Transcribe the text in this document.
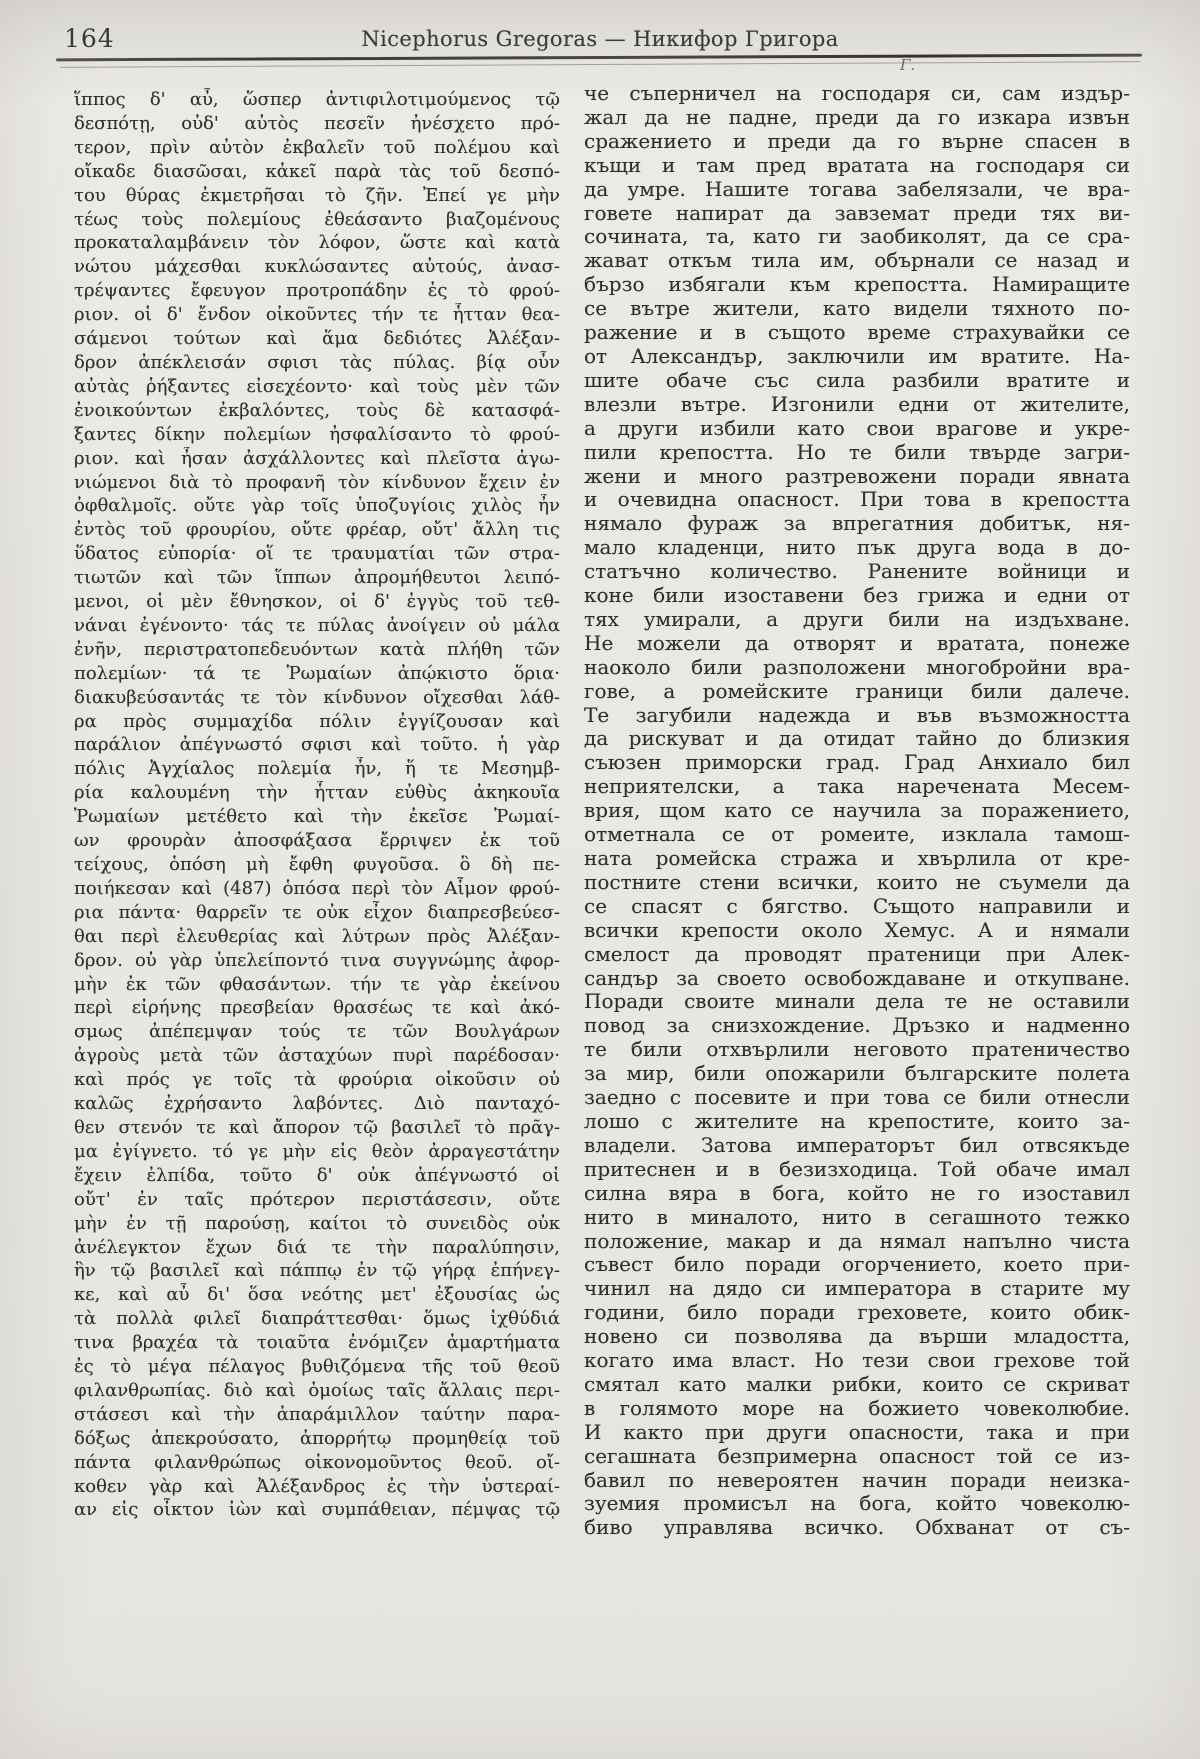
164	Nicephorus Gregoras — Никифор Григора
Γ.
ἵππος δ' αὖ, ὥσπερ ἀντιφιλοτιμούμενος τῷ
δεσπότῃ, οὐδ' αὐτὸς πεσεῖν ἠνέσχετο πρό-
τερον, πρὶν αὐτὸν ἐκβαλεῖν τοῦ πολέμου καὶ
οἴκαδε διασῶσαι, κἀκεῖ παρὰ τὰς τοῦ δεσπό-
του θύρας ἐκμετρῆσαι τὸ ζῆν. Ἐπεί γε μὴν
τέως τοὺς πολεμίους ἐθεάσαντο βιαζομένους
προκαταλαμβάνειν τὸν λόφον, ὥστε καὶ κατὰ
νώτου μάχεσθαι κυκλώσαντες αὐτούς, ἀνασ-
τρέψαντες ἔφευγον προτροπάδην ἐς τὸ φρού-
ριον. οἱ δ' ἔνδον οἰκοῦντες τήν τε ἧτταν θεα-
σάμενοι τούτων καὶ ἅμα δεδιότες Ἀλέξαν-
δρον ἀπέκλεισάν σφισι τὰς πύλας. βίᾳ οὖν
αὐτὰς ῥήξαντες εἰσεχέοντο· καὶ τοὺς μὲν τῶν
ἐνοικούντων ἐκβαλόντες, τοὺς δὲ κατασφά-
ξαντες δίκην πολεμίων ἠσφαλίσαντο τὸ φρού-
ριον. καὶ ἦσαν ἀσχάλλοντες καὶ πλεῖστα ἀγω-
νιώμενοι διὰ τὸ προφανῆ τὸν κίνδυνον ἔχειν ἐν
ὀφθαλμοῖς. οὔτε γὰρ τοῖς ὑποζυγίοις χιλὸς ἦν
ἐντὸς τοῦ φρουρίου, οὔτε φρέαρ, οὔτ' ἄλλη τις
ὕδατος εὐπορία· οἵ τε τραυματίαι τῶν στρα-
τιωτῶν καὶ τῶν ἵππων ἀπρομήθευτοι λειπό-
μενοι, οἱ μὲν ἔθνησκον, οἱ δ' ἐγγὺς τοῦ τεθ-
νάναι ἐγένοντο· τάς τε πύλας ἀνοίγειν οὐ μάλα
ἐνῆν, περιστρατοπεδευόντων κατὰ πλήθη τῶν
πολεμίων· τά τε Ῥωμαίων ἀπῴκιστο ὅρια·
διακυβεύσαντάς τε τὸν κίνδυνον οἴχεσθαι λάθ-
ρα πρὸς συμμαχίδα πόλιν ἐγγίζουσαν καὶ
παράλιον ἀπέγνωστό σφισι καὶ τοῦτο. ἡ γὰρ
πόλις Ἀγχίαλος πολεμία ἦν, ἥ τε Μεσημβ-
ρία καλουμένη τὴν ἧτταν εὐθὺς ἀκηκουῖα
Ῥωμαίων μετέθετο καὶ τὴν ἐκεῖσε Ῥωμαί-
ων φρουρὰν ἀποσφάξασα ἔρριψεν ἐκ τοῦ
τείχους, ὁπόση μὴ ἔφθη φυγοῦσα. ὃ δὴ πε-
ποιήκεσαν καὶ (487) ὁπόσα περὶ τὸν Αἷμον φρού-
ρια πάντα· θαρρεῖν τε οὐκ εἶχον διαπρεσβεύεσ-
θαι περὶ ἐλευθερίας καὶ λύτρων πρὸς Ἀλέξαν-
δρον. οὐ γὰρ ὑπελείποντό τινα συγγνώμης ἀφορ-
μὴν ἐκ τῶν φθασάντων. τήν τε γὰρ ἐκείνου
περὶ εἰρήνης πρεσβείαν θρασέως τε καὶ ἀκό-
σμως ἀπέπεμψαν τούς τε τῶν Βουλγάρων
ἀγροὺς μετὰ τῶν ἀσταχύων πυρὶ παρέδοσαν·
καὶ πρός γε τοῖς τὰ φρούρια οἰκοῦσιν οὐ
καλῶς ἐχρήσαντο λαβόντες. Διὸ πανταχό-
θεν στενόν τε καὶ ἄπορον τῷ βασιλεῖ τὸ πρᾶγ-
μα ἐγίγνετο. τό γε μὴν εἰς θεὸν ἀρραγεστάτην
ἔχειν ἐλπίδα, τοῦτο δ' οὐκ ἀπέγνωστό οἱ
οὔτ' ἐν ταῖς πρότερον περιστάσεσιν, οὔτε
μὴν ἐν τῇ παρούσῃ, καίτοι τὸ συνειδὸς οὐκ
ἀνέλεγκτον ἔχων διά τε τὴν παραλύπησιν,
ἣν τῷ βασιλεῖ καὶ πάππῳ ἐν τῷ γήρᾳ ἐπήνεγ-
κε, καὶ αὖ δι' ὅσα νεότης μετ' ἐξουσίας ὡς
τὰ πολλὰ φιλεῖ διαπράττεσθαι· ὅμως ἰχθύδιά
τινα βραχέα τὰ τοιαῦτα ἐνόμιζεν ἁμαρτήματα
ἐς τὸ μέγα πέλαγος βυθιζόμενα τῆς τοῦ θεοῦ
φιλανθρωπίας. διὸ καὶ ὁμοίως ταῖς ἄλλαις περι-
στάσεσι καὶ τὴν ἀπαράμιλλον ταύτην παρα-
δόξως ἀπεκρούσατο, ἀπορρήτῳ προμηθείᾳ τοῦ
πάντα φιλανθρώπως οἰκονομοῦντος θεοῦ. οἴ-
κοθεν γὰρ καὶ Ἀλέξανδρος ἐς τὴν ὑστεραί-
αν εἰς οἶκτον ἰὼν καὶ συμπάθειαν, πέμψας τῷ
че съперничел на господаря си, сам издър-
жал да не падне, преди да го изкара извън
сражението и преди да го върне спасен в
къщи и там пред вратата на господаря си
да умре. Нашите тогава забелязали, че вра-
говете напират да завземат преди тях ви-
сочината, та, като ги заобиколят, да се сра-
жават откъм тила им, обърнали се назад и
бързо избягали към крепостта. Намиращите
се вътре жители, като видели тяхното по-
ражение и в същото време страхувайки се
от Александър, заключили им вратите. На-
шите обаче със сила разбили вратите и
влезли вътре. Изгонили едни от жителите,
а други избили като свои врагове и укре-
пили крепостта. Но те били твърде загри-
жени и много разтревожени поради явната
и очевидна опасност. При това в крепостта
нямало фураж за впрегатния добитък, ня-
мало кладенци, нито пък друга вода в до-
статъчно количество. Ранените войници и
коне били изоставени без грижа и едни от
тях умирали, а други били на издъхване.
Не можели да отворят и вратата, понеже
наоколо били разположени многобройни вра-
гове, а ромейските граници били далече.
Те загубили надежда и във възможността
да рискуват и да отидат тайно до близкия
съюзен приморски град. Град Анхиало бил
неприятелски, а така наречената Месем-
врия, щом като се научила за поражението,
отметнала се от ромеите, изклала тамош-
ната ромейска стража и хвърлила от кре-
постните стени всички, които не съумели да
се спасят с бягство. Същото направили и
всички крепости около Хемус. А и нямали
смелост да проводят пратеници при Алек-
сандър за своето освобождаване и откупване.
Поради своите минали дела те не оставили
повод за снизхождение. Дръзко и надменно
те били отхвърлили неговото пратеничество
за мир, били опожарили българските полета
заедно с посевите и при това се били отнесли
лошо с жителите на крепостите, които за-
владели. Затова императорът бил отвсякъде
притеснен и в безизходица. Той обаче имал
силна вяра в бога, който не го изоставил
нито в миналото, нито в сегашното тежко
положение, макар и да нямал напълно чиста
съвест било поради огорчението, което при-
чинил на дядо си императора в старите му
години, било поради греховете, които обик-
новено си позволява да върши младостта,
когато има власт. Но тези свои грехове той
смятал като малки рибки, които се скриват
в голямото море на божието човеколюбие.
И както при други опасности, така и при
сегашната безпримерна опасност той се из-
бавил по невероятен начин поради неизка-
зуемия промисъл на бога, който човеколю-
биво управлява всичко. Обхванат от съ-
